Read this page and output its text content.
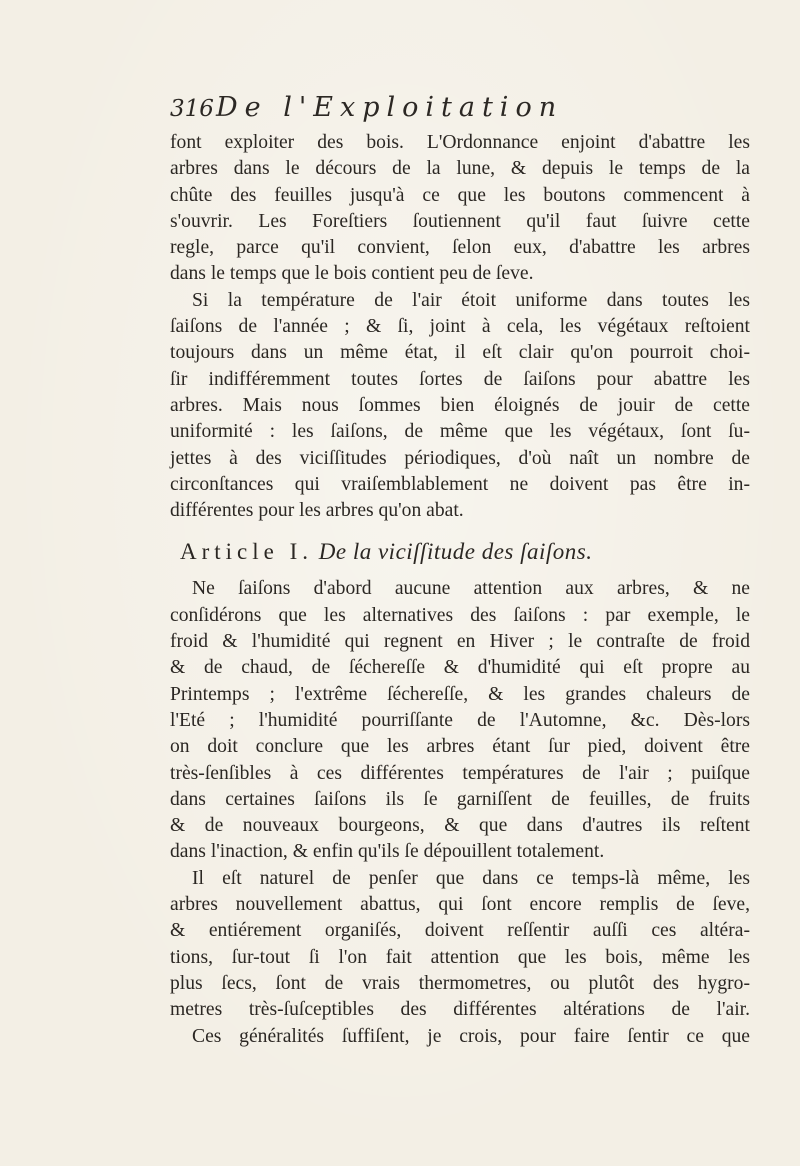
316 De l'Exploitation
font exploiter des bois. L'Ordonnance enjoint d'abattre les
arbres dans le décours de la lune, & depuis le temps de la
chûte des feuilles jusqu'à ce que les boutons commencent à
s'ouvrir. Les Foreſtiers ſoutiennent qu'il faut ſuivre cette
regle, parce qu'il convient, ſelon eux, d'abattre les arbres
dans le temps que le bois contient peu de ſeve.
Si la température de l'air étoit uniforme dans toutes les
ſaiſons de l'année ; & ſi, joint à cela, les végétaux reſtoient
toujours dans un même état, il eſt clair qu'on pourroit choi-
ſir indifféremment toutes ſortes de ſaiſons pour abattre les
arbres. Mais nous ſommes bien éloignés de jouir de cette
uniformité : les ſaiſons, de même que les végétaux, ſont ſu-
jettes à des viciſſitudes périodiques, d'où naît un nombre de
circonſtances qui vraiſemblablement ne doivent pas être in-
différentes pour les arbres qu'on abat.
Article I. De la viciſſitude des ſaiſons.
Ne ſaiſons d'abord aucune attention aux arbres, & ne
conſidérons que les alternatives des ſaiſons : par exemple, le
froid & l'humidité qui regnent en Hiver ; le contraſte de froid
& de chaud, de ſéchereſſe & d'humidité qui eſt propre au
Printemps ; l'extrême ſéchereſſe, & les grandes chaleurs de
l'Eté ; l'humidité pourriſſante de l'Automne, &c. Dès-lors
on doit conclure que les arbres étant ſur pied, doivent être
très-ſenſibles à ces différentes températures de l'air ; puiſque
dans certaines ſaiſons ils ſe garniſſent de feuilles, de fruits
& de nouveaux bourgeons, & que dans d'autres ils reſtent
dans l'inaction, & enfin qu'ils ſe dépouillent totalement.
Il eſt naturel de penſer que dans ce temps-là même, les
arbres nouvellement abattus, qui ſont encore remplis de ſeve,
& entiérement organiſés, doivent reſſentir auſſi ces altéra-
tions, ſur-tout ſi l'on fait attention que les bois, même les
plus ſecs, ſont de vrais thermometres, ou plutôt des hygro-
metres très-ſuſceptibles des différentes altérations de l'air.
Ces généralités ſuffiſent, je crois, pour faire ſentir ce que
